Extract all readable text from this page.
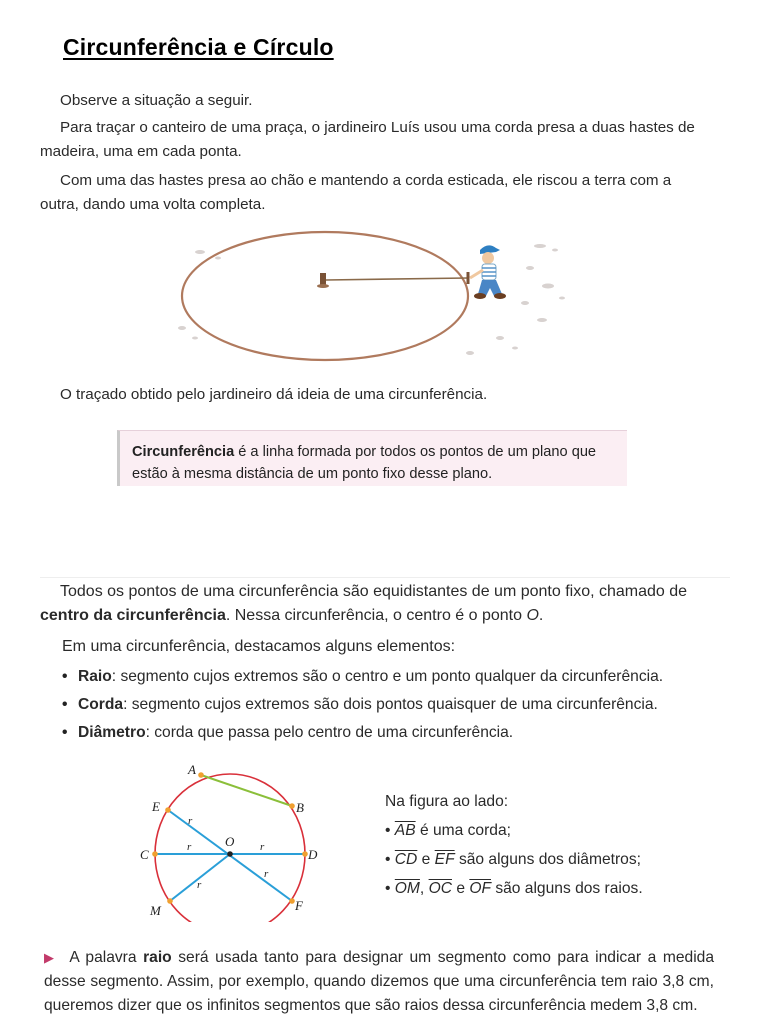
Circunferência e Círculo

Observe a situação a seguir.

Para traçar o canteiro de uma praça, o jardineiro Luís usou uma corda presa a duas hastes de madeira, uma em cada ponta.

Com uma das hastes presa ao chão e mantendo a corda esticada, ele riscou a terra com a outra, dando uma volta completa.

O traçado obtido pelo jardineiro dá ideia de uma circunferência.

Circunferência é a linha formada por todos os pontos de um plano que estão à mesma distância de um ponto fixo desse plano.

Todos os pontos de uma circunferência são equidistantes de um ponto fixo, chamado de centro da circunferência. Nessa circunferência, o centro é o ponto O.

Em uma circunferência, destacamos alguns elementos:

• Raio: segmento cujos extremos são o centro e um ponto qualquer da circunferência.
• Corda: segmento cujos extremos são dois pontos quaisquer de uma circunferência.
• Diâmetro: corda que passa pelo centro de uma circunferência.
A
B
C	D
E
F
M
O
r
r	r
r
r
Na figura ao lado:
• $\overline{AB}$ é uma corda;
• $\overline{CD}$ e $\overline{EF}$ são alguns dos diâmetros;
• $\overline{OM}$, $\overline{OC}$ e $\overline{OF}$ são alguns dos raios.
▶ A palavra raio será usada tanto para designar um segmento como para indicar a medida desse segmento. Assim, por exemplo, quando dizemos que uma circunferência tem raio 3,8 cm, queremos dizer que os infinitos segmentos que são raios dessa circunferência medem 3,8 cm.
